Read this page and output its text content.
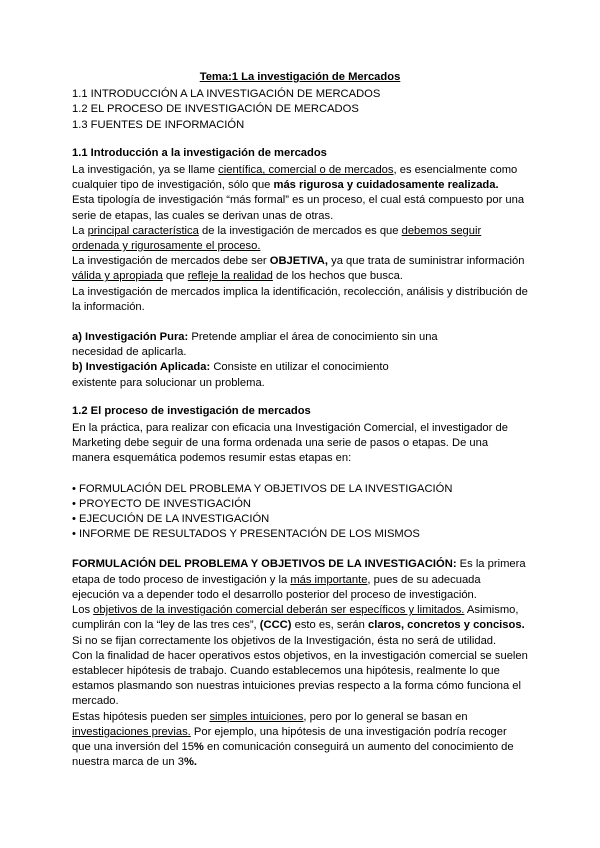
Tema:1 La investigación de Mercados

1.1 INTRODUCCIÓN A LA INVESTIGACIÓN DE MERCADOS

1.2 EL PROCESO DE INVESTIGACIÓN DE MERCADOS

1.3 FUENTES DE INFORMACIÓN

1.1 Introducción a la investigación de mercados

La investigación, ya se llame científica, comercial o de mercados, es esencialmente como cualquier tipo de investigación, sólo que más rigurosa y cuidadosamente realizada.

Esta tipología de investigación “más formal” es un proceso, el cual está compuesto por una serie de etapas, las cuales se derivan unas de otras.

La principal característica de la investigación de mercados es que debemos seguir ordenada y rigurosamente el proceso.

La investigación de mercados debe ser OBJETIVA, ya que trata de suministrar información válida y apropiada que refleje la realidad de los hechos que busca.

La investigación de mercados implica la identificación, recolección, análisis y distribución de la información.

a) Investigación Pura: Pretende ampliar el área de conocimiento sin una necesidad de aplicarla.

b) Investigación Aplicada: Consiste en utilizar el conocimiento existente para solucionar un problema.

1.2 El proceso de investigación de mercados

En la práctica, para realizar con eficacia una Investigación Comercial, el investigador de Marketing debe seguir de una forma ordenada una serie de pasos o etapas. De una manera esquemática podemos resumir estas etapas en:

• FORMULACIÓN DEL PROBLEMA Y OBJETIVOS DE LA INVESTIGACIÓN
• PROYECTO DE INVESTIGACIÓN
• EJECUCIÓN DE LA INVESTIGACIÓN
• INFORME DE RESULTADOS Y PRESENTACIÓN DE LOS MISMOS

FORMULACIÓN DEL PROBLEMA Y OBJETIVOS DE LA INVESTIGACIÓN: Es la primera etapa de todo proceso de investigación y la más importante, pues de su adecuada ejecución va a depender todo el desarrollo posterior del proceso de investigación.

Los objetivos de la investigación comercial deberán ser específicos y limitados. Asimismo, cumplirán con la “ley de las tres ces”, (CCC) esto es, serán claros, concretos y concisos. Si no se fijan correctamente los objetivos de la Investigación, ésta no será de utilidad.

Con la finalidad de hacer operativos estos objetivos, en la investigación comercial se suelen establecer hipótesis de trabajo. Cuando establecemos una hipótesis, realmente lo que estamos plasmando son nuestras intuiciones previas respecto a la forma cómo funciona el mercado.

Estas hipótesis pueden ser simples intuiciones, pero por lo general se basan en investigaciones previas. Por ejemplo, una hipótesis de una investigación podría recoger que una inversión del 15% en comunicación conseguirá un aumento del conocimiento de nuestra marca de un 3%.
